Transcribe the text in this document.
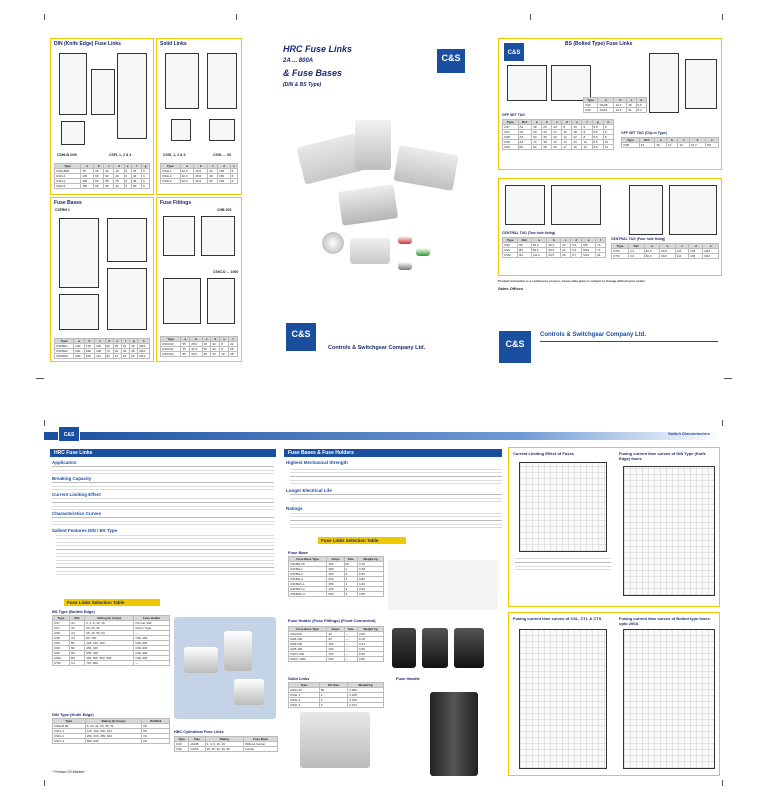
DIN (Knife Edge) Fuse Links
CSHLB 0/00	CSFL 1, 2 & 3
Type	a	b	c	d	e	f	g
CSHLB00	78	49	30	15	6	35	6
CSFL1	135	68	52	20	6	40	6
CSFL2	150	68	58	25	6	48	6
CSFL3	150	68	68	32	6	60	6
Solid Links
CSSL 1, 2 & 3	CSSL ... 00
Type	a	b	c	d	e
CSSL1	62.0	20.0	40	135	6
CSSL2	62.0	25.0	48	150	6
CSSL3	62.0	32.0	60	150	6
Fuse Bases
CSFBH 1
Type	a	b	c	d	e	f	g	h
CSFBH1	240	178	100	60	35	62	40	M10
CSFBH2	260	198	108	72	40	62	48	M10
CSFBH3	290	218	112	84	44	62	60	M12
Fuse Fittings
CHB 200
CSKCO ... 1000
Type	a	b	c	d	e	f
CSKC00	55	28.0	35	32	8	22
CSKC01	75	31.5	35	42	8	25
CSKC02	85	45.0	40	52	10	28
HRC Fuse Links
2A ... 800A
& Fuse Bases
(DIN & BS Type)
C&S
C&S
Controls & Switchgear Company Ltd.
C&S
BS (Bolted Type) Fuse Links
Type	a	b	c	d
CSF	10x38	10.3	38	5.6
CSF	14x51	14.3	51	8.2
OFF SET TAG
Type	Ref.	a	b	c	d	e	f	g	h
CS7	A1	48	29	13	8	15	6	5.5	6
CS7	A2	54	30	17	10	18	8	5.5	8
CS8	A3	64	35	20	12	22	8	6.5	8
CS8	A4	73	38	23	14	25	10	6.5	10
CS9	B1	82	48	29	17	30	12	8.5	12
OFF SET TAG (Clip in Type)
Type	Ref.	a	b	c	d	e
CSB	F1	36	13	10	10.7	8.8
CENTRAL TAG (Two hole fixing)
Type	Ref.	a	b	c	d	e	f
CSK	B2	86.0	59.0	22	6.6	M8	73
CSK	B3	86.0	59.0	22	6.6	M10	73
CSM	B4	111.0	63.5	26	8.7	M10	94
CENTRAL TAG (Four hole fixing)
Type	Ref.	a	b	c	d	e
CTM	C1	82.0	60.0	111	133	M10
CTM	C2	82.0	60.0	111	133	M12
Product Innovation is a continuous process, hence data given is subject to change without prior notice
Sales Offices
C&S
Controls & Switchgear Company Ltd.
C&S	Switch Disconnectors
HRC Fuse Links
Application
Breaking Capacity
Current Limiting Effect
Characteristics Curves
Salient Features DIN / BS Type
Fuse Links Selection Table
BS Type (Bolted Edge)
Type	Ref.	Rating (In Amps)	Fuse Holder
CS7	A1	2, 4, 6, 10, 16	CS Cat. Ref.
CS7	A2	20, 25, 32	Clip-in Type
CS8	A3	35, 40, 50, 63	—
CS8	A4	80, 100	CSF-100
CS9	B1	125, 160, 200	CSF-200
CSK	B2	250, 315	CSF-315
CSK	B3	355, 400	CSF-400
CSM	B4	450, 500, 560, 630	CSF-630
CTM	C1	710, 800	—
DIN Type (Knife Edge)
Type	Rating (In Amps)	ISI Mark
CSHLB 00	6, 10, 16, 20, 25, 32	ISI
CSFL 1	125, 160, 200, 224	ISI
CSFL 2	250, 315, 355, 400	ISI
CSFL 3	500, 630	ISI
* Product ISI Marked
HBC Cylindrical Fuse Links
Type	Size	Rating	Fuse Base
CSF	10x38	2, 4, 6, 10, 16	Without Carrier
CSF	14x51	20, 25, 32, 40, 50	Carrier
Fuse Bases & Fuse Holders
Highest Mechanical Strength
Longer Electrical Life
Ratings
Fuse Links Selection Table
Fuse Base
Fuse Base Type	Amps	Size	Weight kg
CSFBH-00	160	00	0.15
CSFBH-1	250	1	0.38
CSFBH-2	400	2	0.60
CSFBH-3	630	3	0.80
CSFBHV-1	250	1	0.40
CSFBHV-2	400	2	0.62
CSFBHV-3	630	3	0.85
Fuse Holder (Fuse Fittings) (Front Connected)
Fuse Base Type	Amps	Size	Weight kg
CSKC00	32	—	0.06
CHB 100	63	—	0.18
CHB 200	100	—	0.24
CHB 400	200	—	0.35
CSKC 630	400	—	0.50
CSKC 1000	630	—	0.80
Solid Links
Type	Kit Size	Weight kg
CSSL 00	00	0.065
CSSL 1	1	0.165
CSSL 2	2	0.216
CSSL 3	3	0.373
Fuse Handle
Current Limiting Effect of Fuses	Fusing current time curves of DIN Type (Knife Edge) fuses
Fusing current time curves of CSL, CTL & CTS	Fusing current time curves of Bolted type fuses upto 200A
